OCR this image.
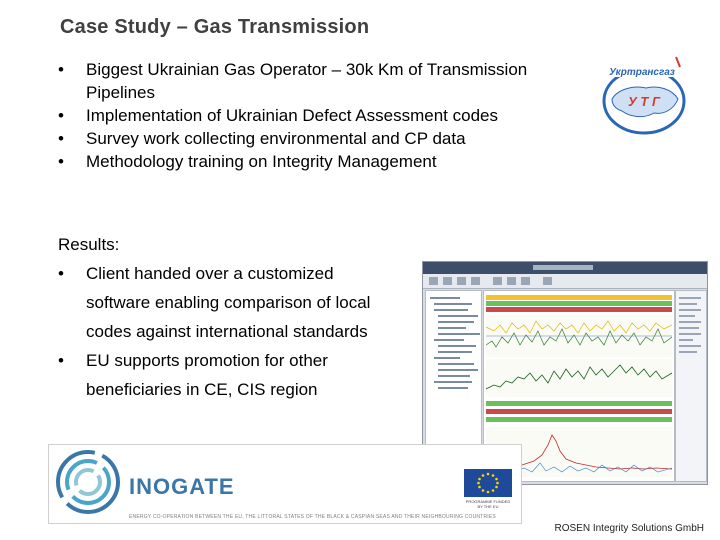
Case Study – Gas Transmission
• Biggest Ukrainian Gas Operator – 30k Km of Transmission Pipelines
• Implementation of Ukrainian Defect Assessment codes
• Survey work collecting environmental and CP data
• Methodology training on Integrity Management
Results:
• Client handed over a customized software enabling comparison of local codes against international standards
• EU supports promotion for other beneficiaries in CE, CIS region
Укртрансгаз
У Т Г
INOGATE
ENERGY CO-OPERATION BETWEEN THE EU, THE LITTORAL STATES OF THE BLACK & CASPIAN SEAS AND THEIR NEIGHBOURING COUNTRIES
PROGRAMME FUNDED BY THE EU
ROSEN Integrity Solutions GmbH
